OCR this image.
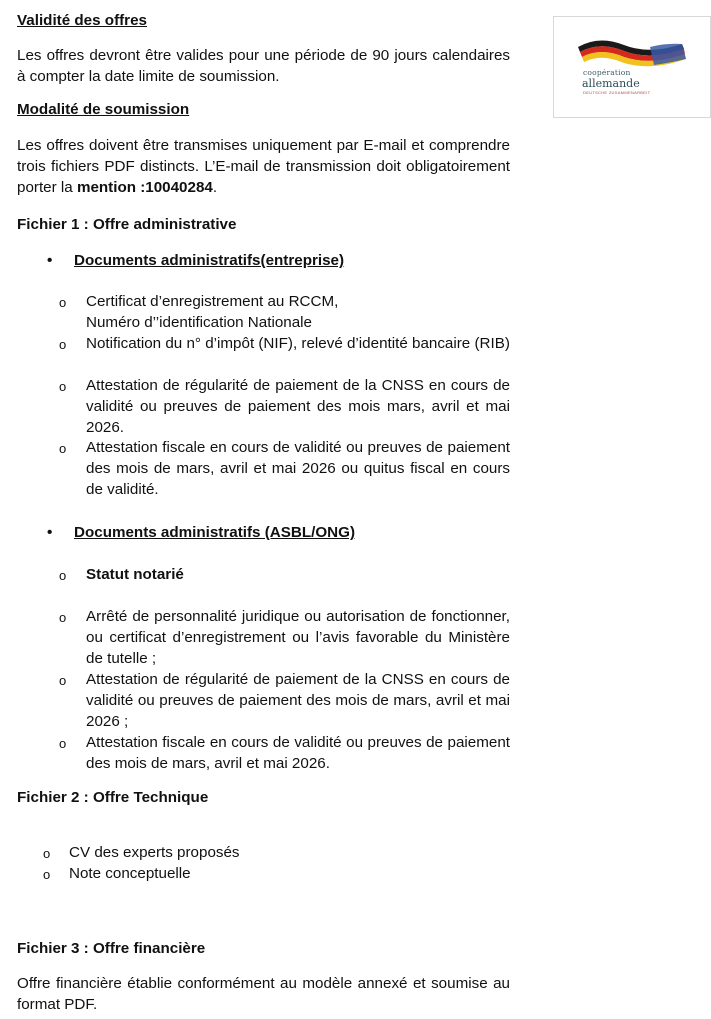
Validité des offres
Les offres devront être valides pour une période de 90 jours calendaires à compter la date limite de soumission.
Modalité de soumission
Les offres doivent être transmises uniquement par E-mail et comprendre trois fichiers PDF distincts. L’E-mail de transmission doit obligatoirement porter la mention :10040284.
Fichier 1 : Offre administrative
• Documents administratifs(entreprise)
o Certificat d’enregistrement au RCCM,
Numéro d’’identification Nationale
o Notification du n° d’impôt (NIF), relevé d’identité bancaire (RIB)
o Attestation de régularité de paiement de la CNSS en cours de validité ou preuves de paiement des mois mars, avril et mai 2026.
o Attestation fiscale en cours de validité ou preuves de paiement des mois de mars, avril et mai 2026 ou quitus fiscal en cours de validité.
• Documents administratifs (ASBL/ONG)
o Statut notarié
o Arrêté de personnalité juridique ou autorisation de fonctionner, ou certificat d’enregistrement ou l’avis favorable du Ministère de tutelle ;
o Attestation de régularité de paiement de la CNSS en cours de validité ou preuves de paiement des mois de mars, avril et mai 2026 ;
o Attestation fiscale en cours de validité ou preuves de paiement des mois de mars, avril et mai 2026.
Fichier 2 : Offre Technique
o CV des experts proposés
o Note conceptuelle
Fichier 3 : Offre financière
Offre financière établie conformément au modèle annexé et soumise au format PDF.
coopération
allemande
DEUTSCHE ZUSAMMENARBEIT
